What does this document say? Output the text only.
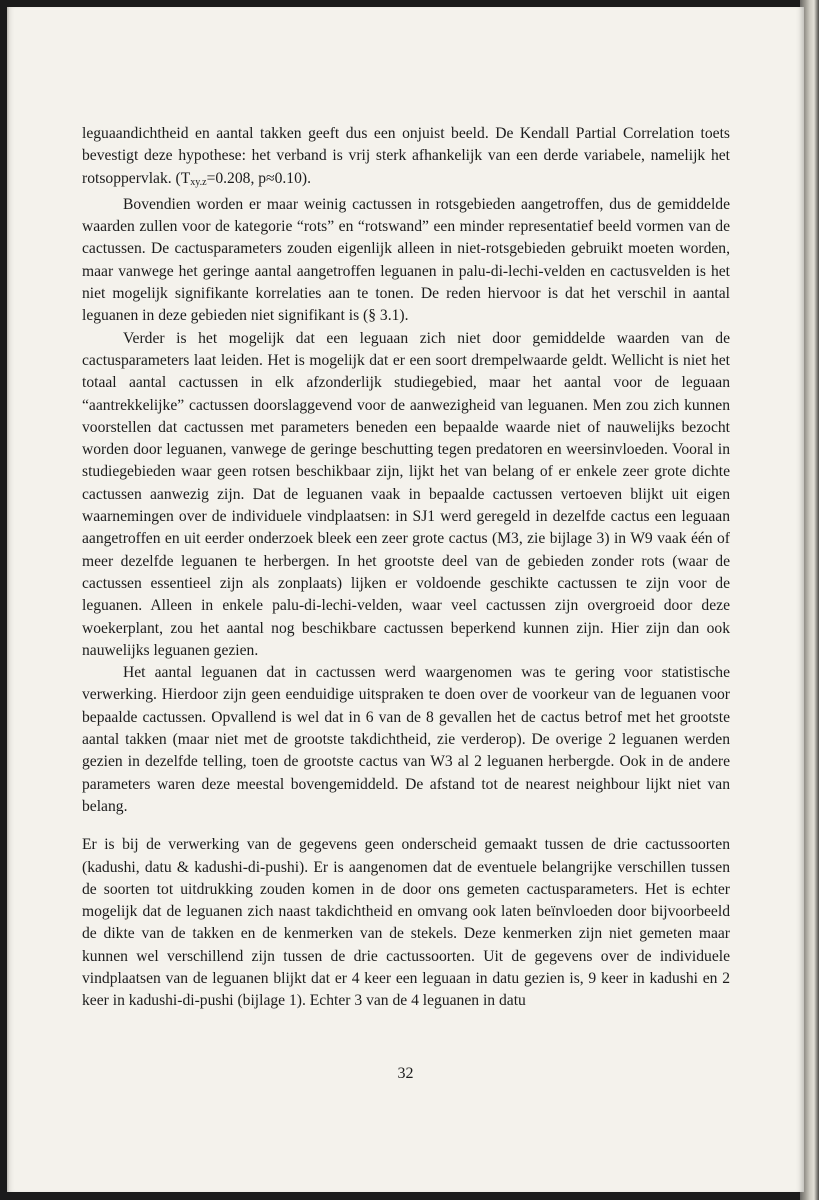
leguaandichtheid en aantal takken geeft dus een onjuist beeld. De Kendall Partial Correlation toets bevestigt deze hypothese: het verband is vrij sterk afhankelijk van een derde variabele, namelijk het rotsoppervlak. ($T_{xy.z}=0.208$, p≈0.10).

Bovendien worden er maar weinig cactussen in rotsgebieden aangetroffen, dus de gemiddelde waarden zullen voor de kategorie “rots” en “rotswand” een minder representatief beeld vormen van de cactussen. De cactusparameters zouden eigenlijk alleen in niet-rotsgebieden gebruikt moeten worden, maar vanwege het geringe aantal aangetroffen leguanen in palu-di-lechi-velden en cactusvelden is het niet mogelijk signifikante korrelaties aan te tonen. De reden hiervoor is dat het verschil in aantal leguanen in deze gebieden niet signifikant is (§ 3.1).

Verder is het mogelijk dat een leguaan zich niet door gemiddelde waarden van de cactusparameters laat leiden. Het is mogelijk dat er een soort drempelwaarde geldt. Wellicht is niet het totaal aantal cactussen in elk afzonderlijk studiegebied, maar het aantal voor de leguaan “aantrekkelijke” cactussen doorslaggevend voor de aanwezigheid van leguanen. Men zou zich kunnen voorstellen dat cactussen met parameters beneden een bepaalde waarde niet of nauwelijks bezocht worden door leguanen, vanwege de geringe beschutting tegen predatoren en weersinvloeden. Vooral in studiegebieden waar geen rotsen beschikbaar zijn, lijkt het van belang of er enkele zeer grote dichte cactussen aanwezig zijn. Dat de leguanen vaak in bepaalde cactussen vertoeven blijkt uit eigen waarnemingen over de individuele vindplaatsen: in SJ1 werd geregeld in dezelfde cactus een leguaan aangetroffen en uit eerder onderzoek bleek een zeer grote cactus (M3, zie bijlage 3) in W9 vaak één of meer dezelfde leguanen te herbergen. In het grootste deel van de gebieden zonder rots (waar de cactussen essentieel zijn als zonplaats) lijken er voldoende geschikte cactussen te zijn voor de leguanen. Alleen in enkele palu-di-lechi-velden, waar veel cactussen zijn overgroeid door deze woekerplant, zou het aantal nog beschikbare cactussen beperkend kunnen zijn. Hier zijn dan ook nauwelijks leguanen gezien.

Het aantal leguanen dat in cactussen werd waargenomen was te gering voor statistische verwerking. Hierdoor zijn geen eenduidige uitspraken te doen over de voorkeur van de leguanen voor bepaalde cactussen. Opvallend is wel dat in 6 van de 8 gevallen het de cactus betrof met het grootste aantal takken (maar niet met de grootste takdichtheid, zie verderop). De overige 2 leguanen werden gezien in dezelfde telling, toen de grootste cactus van W3 al 2 leguanen herbergde. Ook in de andere parameters waren deze meestal bovengemiddeld. De afstand tot de nearest neighbour lijkt niet van belang.

Er is bij de verwerking van de gegevens geen onderscheid gemaakt tussen de drie cactussoorten (kadushi, datu & kadushi-di-pushi). Er is aangenomen dat de eventuele belangrijke verschillen tussen de soorten tot uitdrukking zouden komen in de door ons gemeten cactusparameters. Het is echter mogelijk dat de leguanen zich naast takdichtheid en omvang ook laten beïnvloeden door bijvoorbeeld de dikte van de takken en de kenmerken van de stekels. Deze kenmerken zijn niet gemeten maar kunnen wel verschillend zijn tussen de drie cactussoorten. Uit de gegevens over de individuele vindplaatsen van de leguanen blijkt dat er 4 keer een leguaan in datu gezien is, 9 keer in kadushi en 2 keer in kadushi-di-pushi (bijlage 1). Echter 3 van de 4 leguanen in datu

32
